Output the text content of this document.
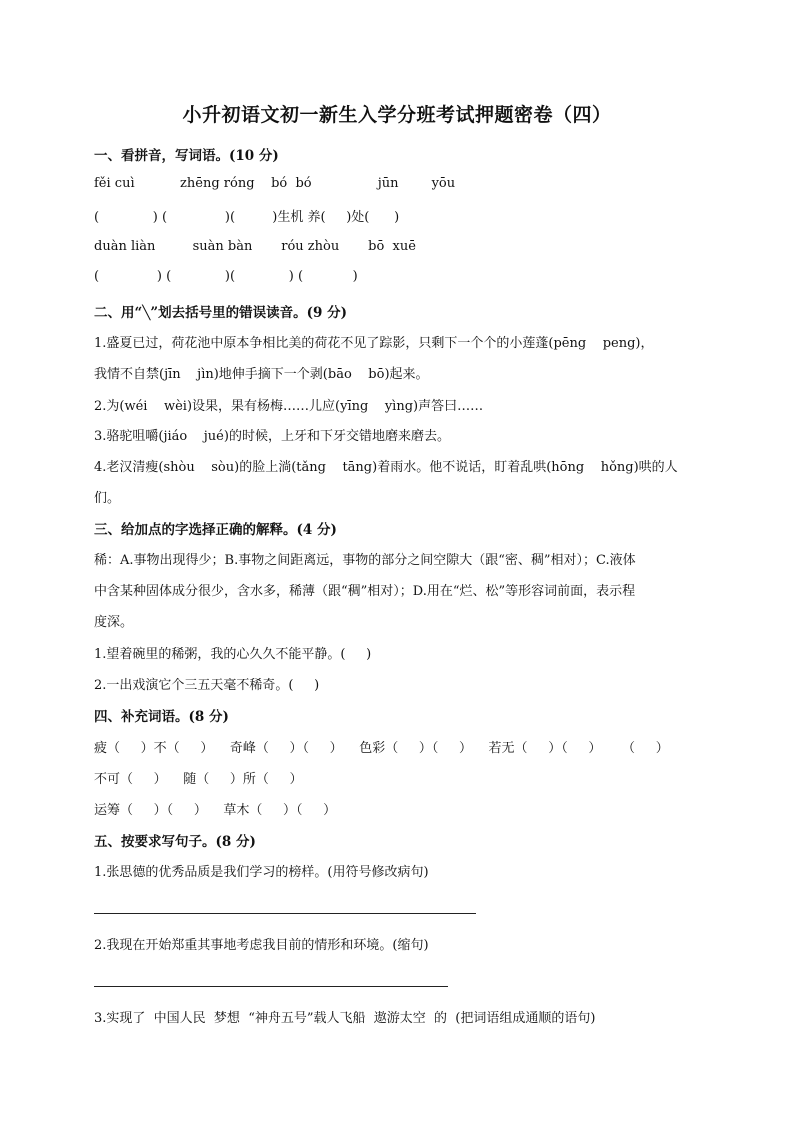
小升初语文初一新生入学分班考试押题密卷（四）
一、看拼音，写词语。(10 分)
fěi cuì           zhēng róng    bó  bó                jūn        yōu
(             ) (              )(         )生机 养(     )处(      )
duàn liàn         suàn bàn       róu zhòu       bō  xuē
(              ) (             )(             ) (            )
二、用“╲”划去括号里的错误读音。(9 分)
1.盛夏已过，荷花池中原本争相比美的荷花不见了踪影，只剩下一个个的小莲蓬(pēng    peng)，
我情不自禁(jīn    jìn)地伸手摘下一个剥(bāo    bō)起来。
2.为(wéi    wèi)设果，果有杨梅……儿应(yīng    yìng)声答曰……
3.骆驼咀嚼(jiáo    jué)的时候，上牙和下牙交错地磨来磨去。
4.老汉清瘦(shòu    sòu)的脸上淌(tǎng    tāng)着雨水。他不说话，盯着乱哄(hōng    hǒng)哄的人
们。
三、给加点的字选择正确的解释。(4 分)
稀：A.事物出现得少；B.事物之间距离远，事物的部分之间空隙大（跟“密、稠”相对）；C.液体
中含某种固体成分很少，含水多，稀薄（跟“稠”相对）；D.用在“烂、松”等形容词前面，表示程
度深。
1.望着碗里的稀粥，我的心久久不能平静。(     )
2.一出戏演它个三五天毫不稀奇。(     )
四、补充词语。(8 分)
疲（     ）不（     ）    奇峰（     ）（     ）    色彩（     ）（     ）    若无（     ）（     ）     （     ）
不可（     ）    随（     ）所（     ）
运筹（     ）（     ）    草木（     ）（     ）
五、按要求写句子。(8 分)
1.张思德的优秀品质是我们学习的榜样。(用符号修改病句)
2.我现在开始郑重其事地考虑我目前的情形和环境。(缩句)
3.实现了  中国人民  梦想  “神舟五号”载人飞船  遨游太空  的  (把词语组成通顺的语句)
